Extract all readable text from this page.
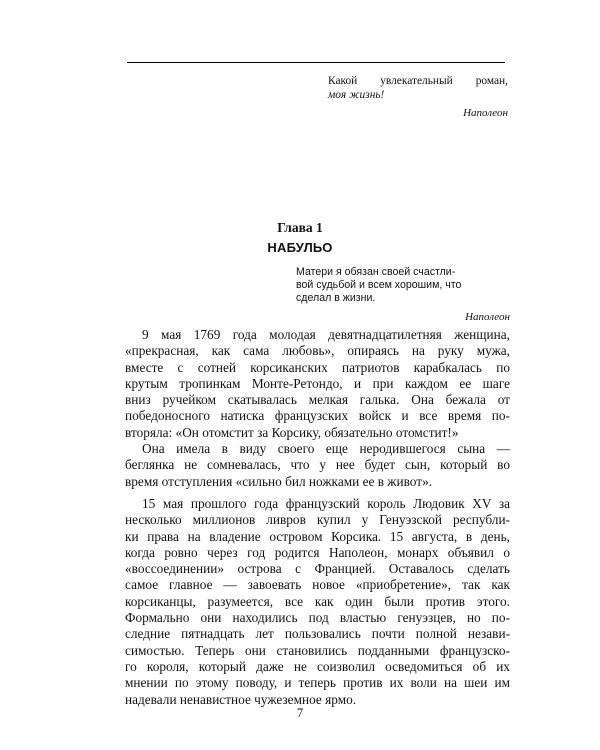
Какой увлекательный роман,
моя жизнь!
Наполеон
Глава 1
НАБУЛЬО
Матери я обязан своей счастли-
вой судьбой и всем хорошим, что
сделал в жизни.
Наполеон
9 мая 1769 года молодая девятнадцатилетняя женщина,
«прекрасная, как сама любовь», опираясь на руку мужа,
вместе с сотней корсиканских патриотов карабкалась по
крутым тропинкам Монте-Ретондо, и при каждом ее шаге
вниз ручейком скатывалась мелкая галька. Она бежала от
победоносного натиска французских войск и все время по-
вторяла: «Он отомстит за Корсику, обязательно отомстит!»
Она имела в виду своего еще неродившегося сына —
беглянка не сомневалась, что у нее будет сын, который во
время отступления «сильно бил ножками ее в живот».
15 мая прошлого года французский король Людовик XV за
несколько миллионов ливров купил у Генуэзской республи-
ки права на владение островом Корсика. 15 августа, в день,
когда ровно через год родится Наполеон, монарх объявил о
«воссоединении» острова с Францией. Оставалось сделать
самое главное — завоевать новое «приобретение», так как
корсиканцы, разумеется, все как один были против этого.
Формально они находились под властью генуэзцев, но по-
следние пятнадцать лет пользовались почти полной незави-
симостью. Теперь они становились подданными французско-
го короля, который даже не соизволил осведомиться об их
мнении по этому поводу, и теперь против их воли на шеи им
надевали ненавистное чужеземное ярмо.
7
